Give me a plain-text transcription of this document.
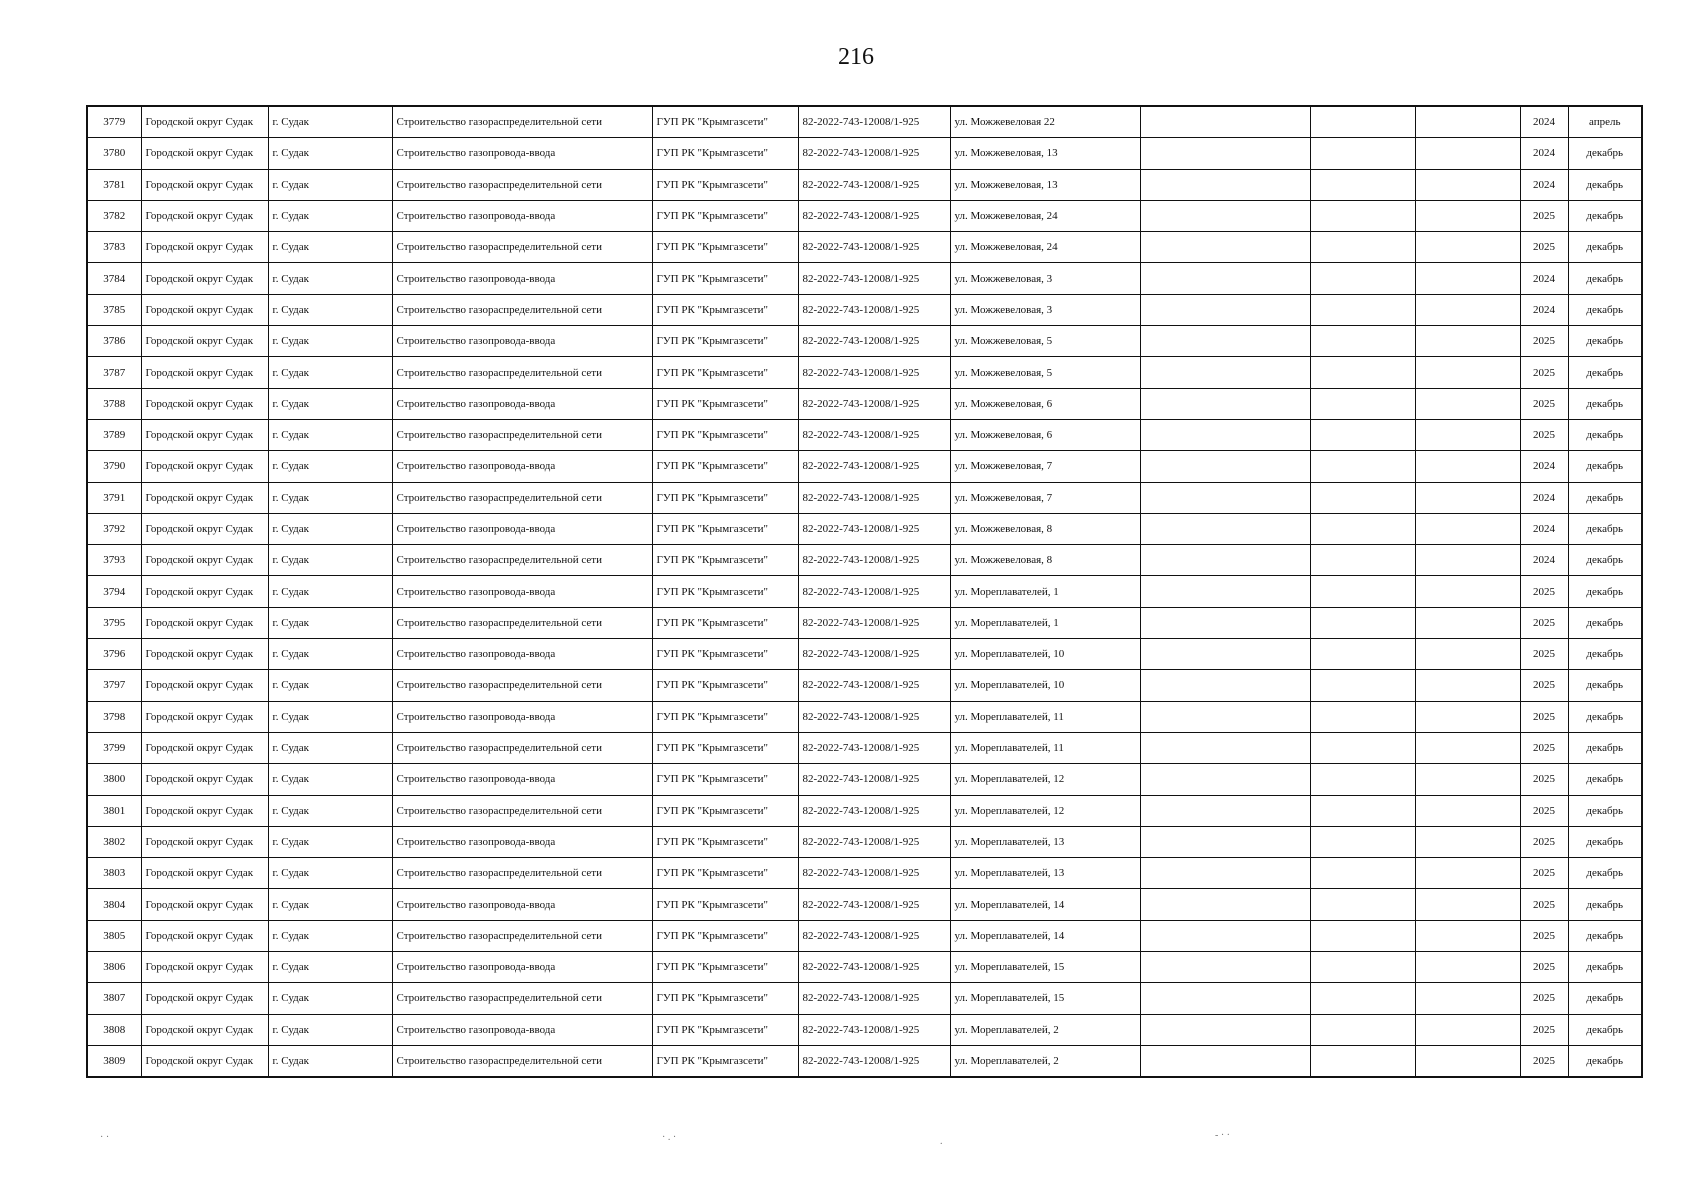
216
3779	Городской округ Судак	г. Судак	Строительство газораспределительной сети	ГУП РК "Крымгазсети"	82-2022-743-12008/1-925	ул. Можжевеловая 22				2024	апрель
3780	Городской округ Судак	г. Судак	Строительство газопровода-ввода	ГУП РК "Крымгазсети"	82-2022-743-12008/1-925	ул. Можжевеловая, 13				2024	декабрь
3781	Городской округ Судак	г. Судак	Строительство газораспределительной сети	ГУП РК "Крымгазсети"	82-2022-743-12008/1-925	ул. Можжевеловая, 13				2024	декабрь
3782	Городской округ Судак	г. Судак	Строительство газопровода-ввода	ГУП РК "Крымгазсети"	82-2022-743-12008/1-925	ул. Можжевеловая, 24				2025	декабрь
3783	Городской округ Судак	г. Судак	Строительство газораспределительной сети	ГУП РК "Крымгазсети"	82-2022-743-12008/1-925	ул. Можжевеловая, 24				2025	декабрь
3784	Городской округ Судак	г. Судак	Строительство газопровода-ввода	ГУП РК "Крымгазсети"	82-2022-743-12008/1-925	ул. Можжевеловая, 3				2024	декабрь
3785	Городской округ Судак	г. Судак	Строительство газораспределительной сети	ГУП РК "Крымгазсети"	82-2022-743-12008/1-925	ул. Можжевеловая, 3				2024	декабрь
3786	Городской округ Судак	г. Судак	Строительство газопровода-ввода	ГУП РК "Крымгазсети"	82-2022-743-12008/1-925	ул. Можжевеловая, 5				2025	декабрь
3787	Городской округ Судак	г. Судак	Строительство газораспределительной сети	ГУП РК "Крымгазсети"	82-2022-743-12008/1-925	ул. Можжевеловая, 5				2025	декабрь
3788	Городской округ Судак	г. Судак	Строительство газопровода-ввода	ГУП РК "Крымгазсети"	82-2022-743-12008/1-925	ул. Можжевеловая, 6				2025	декабрь
3789	Городской округ Судак	г. Судак	Строительство газораспределительной сети	ГУП РК "Крымгазсети"	82-2022-743-12008/1-925	ул. Можжевеловая, 6				2025	декабрь
3790	Городской округ Судак	г. Судак	Строительство газопровода-ввода	ГУП РК "Крымгазсети"	82-2022-743-12008/1-925	ул. Можжевеловая, 7				2024	декабрь
3791	Городской округ Судак	г. Судак	Строительство газораспределительной сети	ГУП РК "Крымгазсети"	82-2022-743-12008/1-925	ул. Можжевеловая, 7				2024	декабрь
3792	Городской округ Судак	г. Судак	Строительство газопровода-ввода	ГУП РК "Крымгазсети"	82-2022-743-12008/1-925	ул. Можжевеловая, 8				2024	декабрь
3793	Городской округ Судак	г. Судак	Строительство газораспределительной сети	ГУП РК "Крымгазсети"	82-2022-743-12008/1-925	ул. Можжевеловая, 8				2024	декабрь
3794	Городской округ Судак	г. Судак	Строительство газопровода-ввода	ГУП РК "Крымгазсети"	82-2022-743-12008/1-925	ул. Мореплавателей, 1				2025	декабрь
3795	Городской округ Судак	г. Судак	Строительство газораспределительной сети	ГУП РК "Крымгазсети"	82-2022-743-12008/1-925	ул. Мореплавателей, 1				2025	декабрь
3796	Городской округ Судак	г. Судак	Строительство газопровода-ввода	ГУП РК "Крымгазсети"	82-2022-743-12008/1-925	ул. Мореплавателей, 10				2025	декабрь
3797	Городской округ Судак	г. Судак	Строительство газораспределительной сети	ГУП РК "Крымгазсети"	82-2022-743-12008/1-925	ул. Мореплавателей, 10				2025	декабрь
3798	Городской округ Судак	г. Судак	Строительство газопровода-ввода	ГУП РК "Крымгазсети"	82-2022-743-12008/1-925	ул. Мореплавателей, 11				2025	декабрь
3799	Городской округ Судак	г. Судак	Строительство газораспределительной сети	ГУП РК "Крымгазсети"	82-2022-743-12008/1-925	ул. Мореплавателей, 11				2025	декабрь
3800	Городской округ Судак	г. Судак	Строительство газопровода-ввода	ГУП РК "Крымгазсети"	82-2022-743-12008/1-925	ул. Мореплавателей, 12				2025	декабрь
3801	Городской округ Судак	г. Судак	Строительство газораспределительной сети	ГУП РК "Крымгазсети"	82-2022-743-12008/1-925	ул. Мореплавателей, 12				2025	декабрь
3802	Городской округ Судак	г. Судак	Строительство газопровода-ввода	ГУП РК "Крымгазсети"	82-2022-743-12008/1-925	ул. Мореплавателей, 13				2025	декабрь
3803	Городской округ Судак	г. Судак	Строительство газораспределительной сети	ГУП РК "Крымгазсети"	82-2022-743-12008/1-925	ул. Мореплавателей, 13				2025	декабрь
3804	Городской округ Судак	г. Судак	Строительство газопровода-ввода	ГУП РК "Крымгазсети"	82-2022-743-12008/1-925	ул. Мореплавателей, 14				2025	декабрь
3805	Городской округ Судак	г. Судак	Строительство газораспределительной сети	ГУП РК "Крымгазсети"	82-2022-743-12008/1-925	ул. Мореплавателей, 14				2025	декабрь
3806	Городской округ Судак	г. Судак	Строительство газопровода-ввода	ГУП РК "Крымгазсети"	82-2022-743-12008/1-925	ул. Мореплавателей, 15				2025	декабрь
3807	Городской округ Судак	г. Судак	Строительство газораспределительной сети	ГУП РК "Крымгазсети"	82-2022-743-12008/1-925	ул. Мореплавателей, 15				2025	декабрь
3808	Городской округ Судак	г. Судак	Строительство газопровода-ввода	ГУП РК "Крымгазсети"	82-2022-743-12008/1-925	ул. Мореплавателей, 2				2025	декабрь
3809	Городской округ Судак	г. Судак	Строительство газораспределительной сети	ГУП РК "Крымгазсети"	82-2022-743-12008/1-925	ул. Мореплавателей, 2				2025	декабрь
· ·	· . ·	.
- · ·
